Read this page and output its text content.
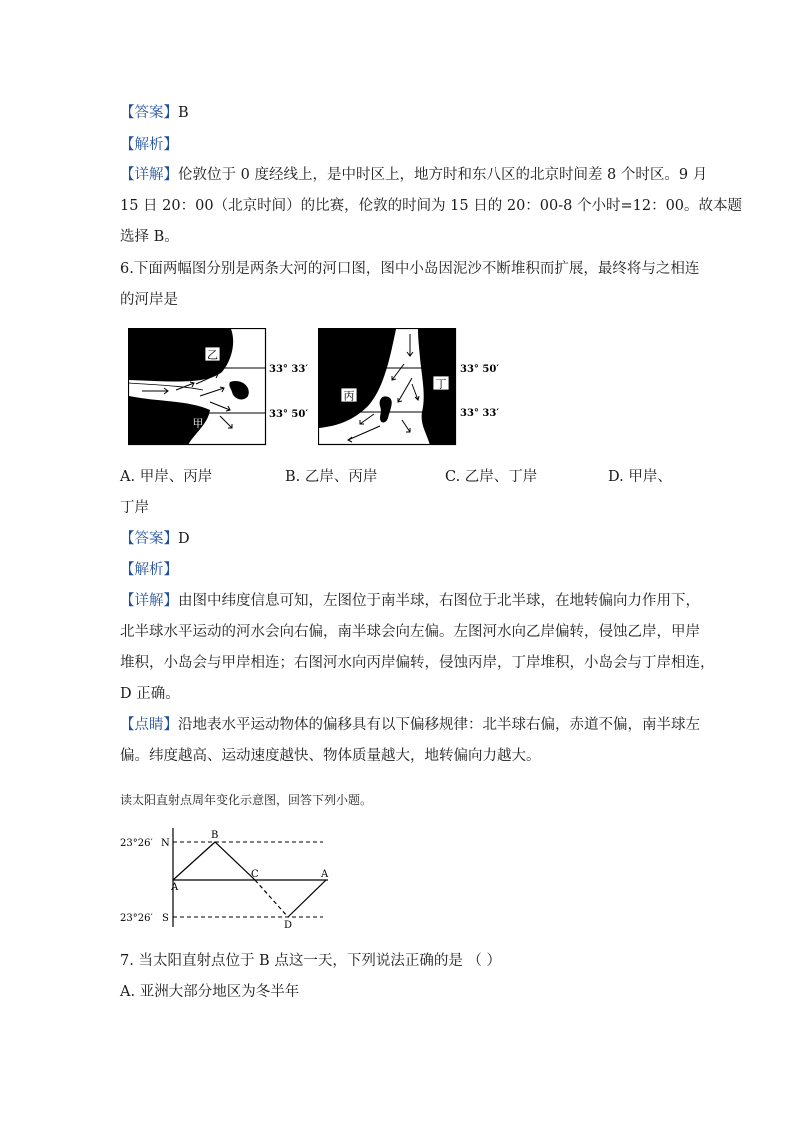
【答案】B
【解析】
【详解】伦敦位于 0 度经线上，是中时区上，地方时和东八区的北京时间差 8 个时区。9 月
15 日 20：00（北京时间）的比赛，伦敦的时间为 15 日的 20：00-8 个小时=12：00。故本题
选择 B。
6.下面两幅图分别是两条大河的河口图，图中小岛因泥沙不断堆积而扩展，最终将与之相连
的河岸是
乙
甲
33° 33′
33° 50′
丙
丁
33° 50′
33° 33′
A. 甲岸、丙岸	B. 乙岸、丙岸	C. 乙岸、丁岸	D. 甲岸、
丁岸
【答案】D
【解析】
【详解】由图中纬度信息可知，左图位于南半球，右图位于北半球，在地转偏向力作用下，
北半球水平运动的河水会向右偏，南半球会向左偏。左图河水向乙岸偏转，侵蚀乙岸，甲岸
堆积，小岛会与甲岸相连；右图河水向丙岸偏转，侵蚀丙岸，丁岸堆积，小岛会与丁岸相连，
D 正确。
【点睛】沿地表水平运动物体的偏移具有以下偏移规律：北半球右偏，赤道不偏，南半球左
偏。纬度越高、运动速度越快、物体质量越大，地转偏向力越大。
读太阳直射点周年变化示意图，回答下列小题。
23°26′ N
23°26′ S
A
B
C
D
A
7. 当太阳直射点位于 B 点这一天，下列说法正确的是 （ ）
A. 亚洲大部分地区为冬半年
